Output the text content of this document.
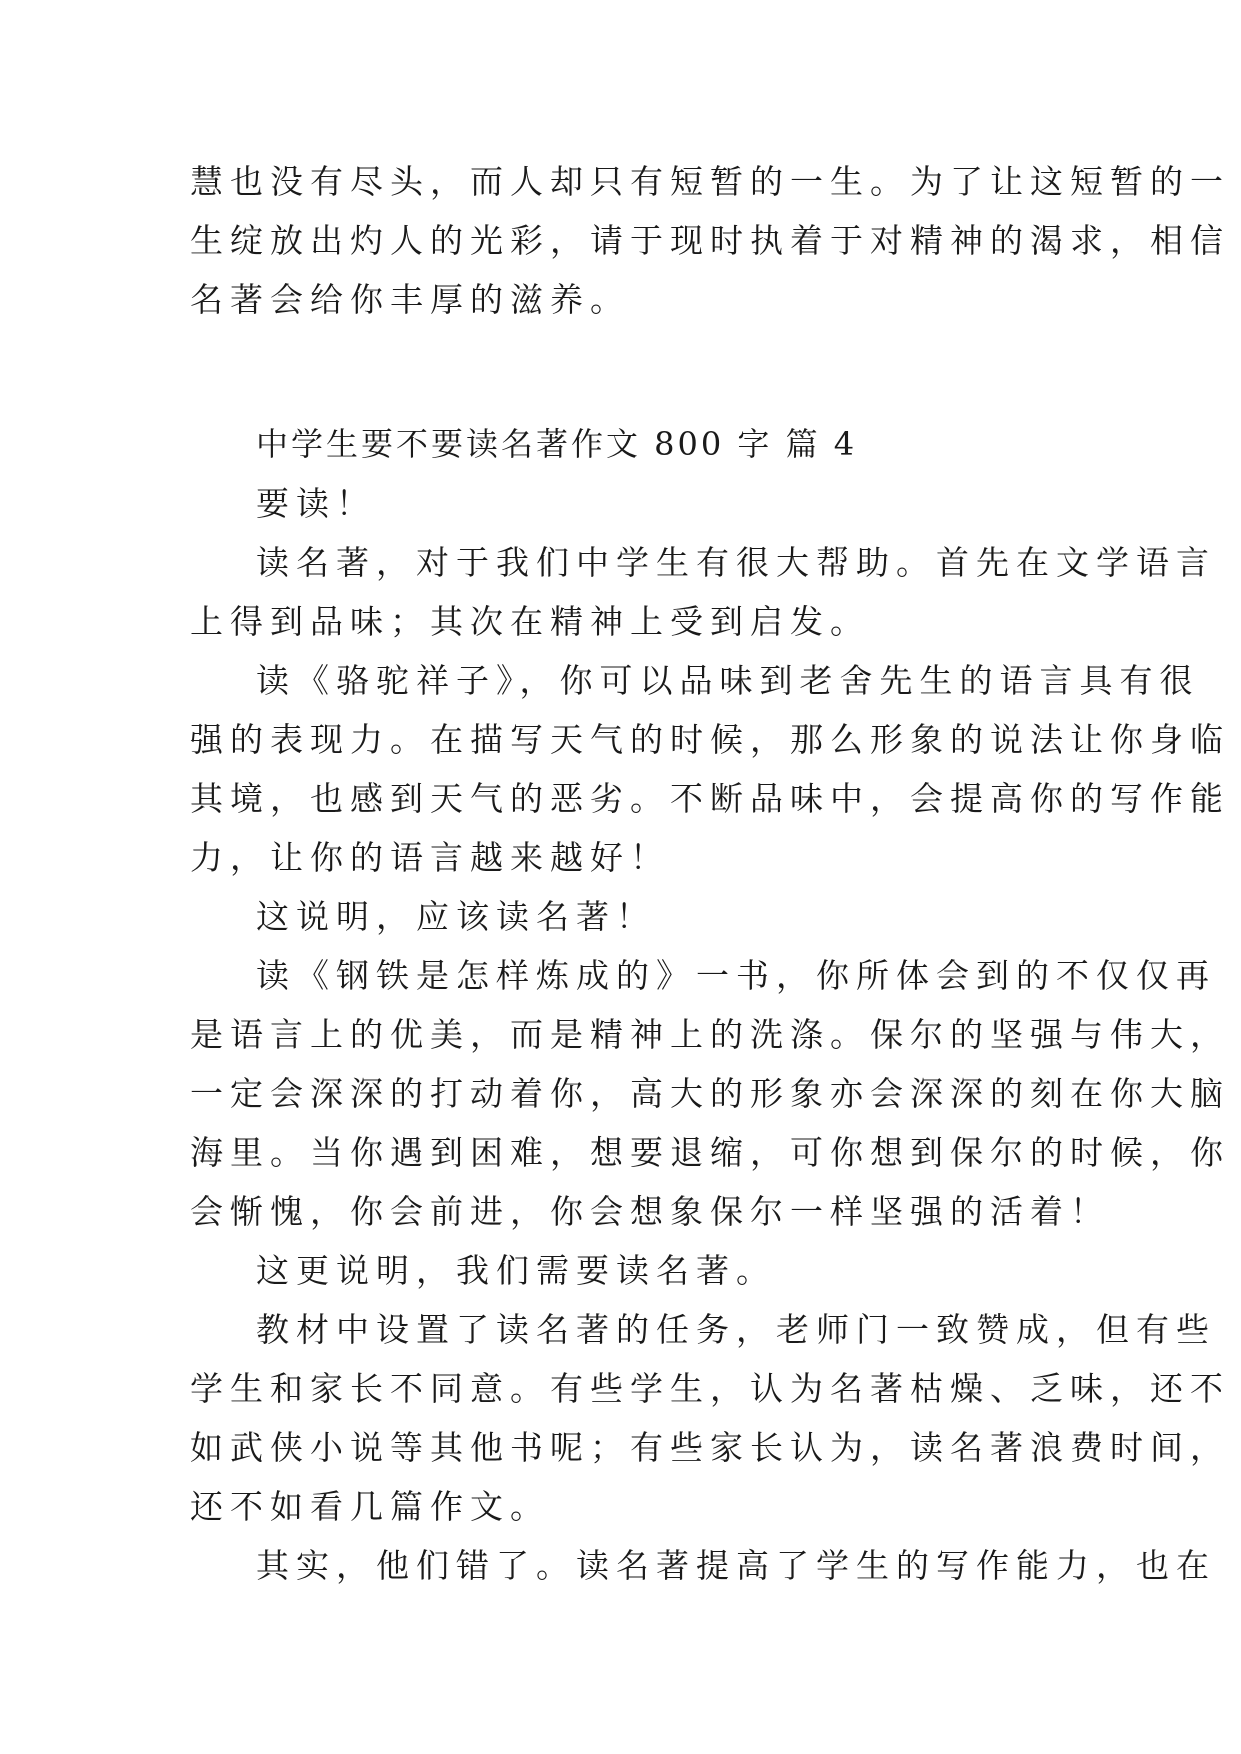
慧也没有尽头，而人却只有短暂的一生。为了让这短暂的一
生绽放出灼人的光彩，请于现时执着于对精神的渴求，相信
名著会给你丰厚的滋养。
中学生要不要读名著作文 800 字 篇 4
要读！
读名著，对于我们中学生有很大帮助。首先在文学语言
上得到品味；其次在精神上受到启发。
读《骆驼祥子》，你可以品味到老舍先生的语言具有很
强的表现力。在描写天气的时候，那么形象的说法让你身临
其境，也感到天气的恶劣。不断品味中，会提高你的写作能
力，让你的语言越来越好！
这说明，应该读名著！
读《钢铁是怎样炼成的》一书，你所体会到的不仅仅再
是语言上的优美，而是精神上的洗涤。保尔的坚强与伟大，
一定会深深的打动着你，高大的形象亦会深深的刻在你大脑
海里。当你遇到困难，想要退缩，可你想到保尔的时候，你
会惭愧，你会前进，你会想象保尔一样坚强的活着！
这更说明，我们需要读名著。
教材中设置了读名著的任务，老师门一致赞成，但有些
学生和家长不同意。有些学生，认为名著枯燥、乏味，还不
如武侠小说等其他书呢；有些家长认为，读名著浪费时间，
还不如看几篇作文。
其实，他们错了。读名著提高了学生的写作能力，也在
